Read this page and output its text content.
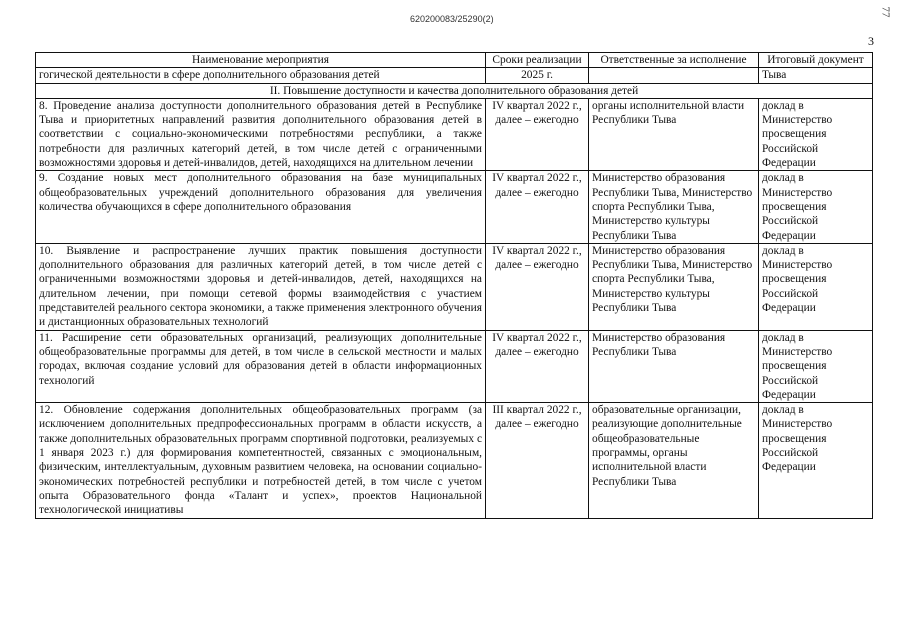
620200083/25290(2)
77
3
Наименование мероприятия	Сроки реализации	Ответственные за исполнение	Итоговый документ
гогической деятельности в сфере дополнительного образования детей	2025 г.		Тыва
II. Повышение доступности и качества дополнительного образования детей			
8. Проведение анализа доступности дополнительного образования детей в Республике Тыва и приоритетных направлений развития дополнительного образования детей в соответствии с социально-экономическими потребностями республики, а также потребности для различных категорий детей, в том числе детей с ограниченными возможностями здоровья и детей-инвалидов, детей, находящихся на длительном лечении	IV квартал 2022 г., далее – ежегодно	органы исполнительной власти Республики Тыва	доклад в Министерство просвещения Российской Федерации
9. Создание новых мест дополнительного образования на базе муниципальных общеобразовательных учреждений дополнительного образования для увеличения количества обучающихся в сфере дополнительного образования	IV квартал 2022 г., далее – ежегодно	Министерство образования Республики Тыва, Министерство спорта Республики Тыва, Министерство культуры Республики Тыва	доклад в Министерство просвещения Российской Федерации
10. Выявление и распространение лучших практик повышения доступности дополнительного образования для различных категорий детей, в том числе детей с ограниченными возможностями здоровья и детей-инвалидов, детей, находящихся на длительном лечении, при помощи сетевой формы взаимодействия с участием представителей реального сектора экономики, а также применения электронного обучения и дистанционных образовательных технологий	IV квартал 2022 г., далее – ежегодно	Министерство образования Республики Тыва, Министерство спорта Республики Тыва, Министерство культуры Республики Тыва	доклад в Министерство просвещения Российской Федерации
11. Расширение сети образовательных организаций, реализующих дополнительные общеобразовательные программы для детей, в том числе в сельской местности и малых городах, включая создание условий для образования детей в области информационных технологий	IV квартал 2022 г., далее – ежегодно	Министерство образования Республики Тыва	доклад в Министерство просвещения Российской Федерации
12. Обновление содержания дополнительных общеобразовательных программ (за исключением дополнительных предпрофессиональных программ в области искусств, а также дополнительных образовательных программ спортивной подготовки, реализуемых с 1 января 2023 г.) для формирования компетентностей, связанных с эмоциональным, физическим, интеллектуальным, духовным развитием человека, на основании социально-экономических потребностей республики и потребностей детей, в том числе с учетом опыта Образовательного фонда «Талант и успех», проектов Национальной технологической инициативы	III квартал 2022 г., далее – ежегодно	образовательные организации, реализующие дополнительные общеобразовательные программы, органы исполнительной власти Республики Тыва	доклад в Министерство просвещения Российской Федерации
